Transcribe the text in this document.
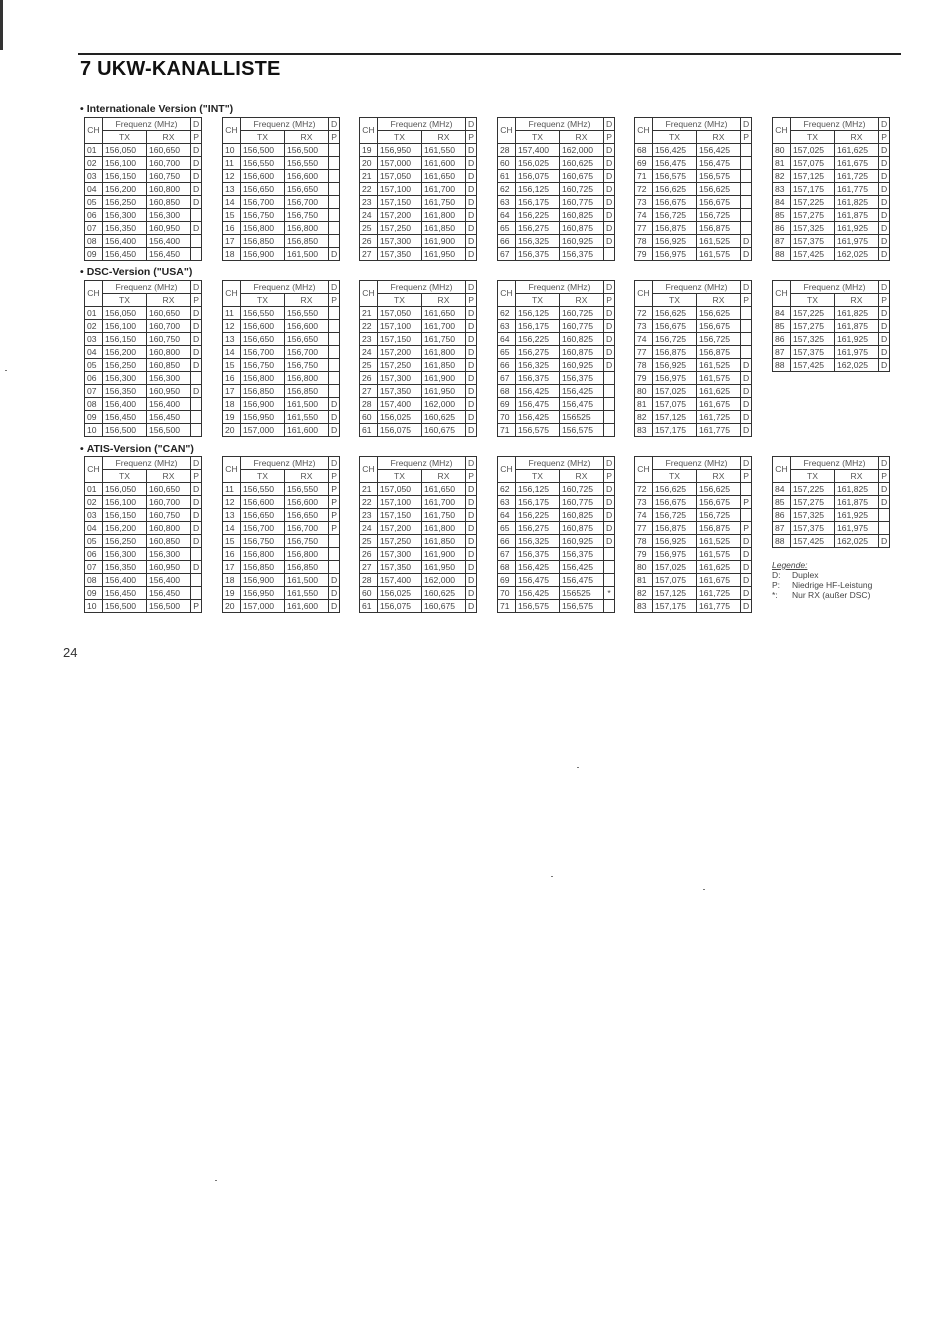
7 UKW-KANALLISTE
• Internationale Version ("INT")
• DSC-Version ("USA")
• ATIS-Version ("CAN")
CH	Frequenz (MHz)		D
	TX	RX	P
01	156,050	160,650	D
02	156,100	160,700	D
03	156,150	160,750	D
04	156,200	160,800	D
05	156,250	160,850	D
06	156,300	156,300	
07	156,350	160,950	D
08	156,400	156,400	
09	156,450	156,450	
CH	Frequenz (MHz)		D
	TX	RX	P
10	156,500	156,500	
11	156,550	156,550	
12	156,600	156,600	
13	156,650	156,650	
14	156,700	156,700	
15	156,750	156,750	
16	156,800	156,800	
17	156,850	156,850	
18	156,900	161,500	D
CH	Frequenz (MHz)		D
	TX	RX	P
19	156,950	161,550	D
20	157,000	161,600	D
21	157,050	161,650	D
22	157,100	161,700	D
23	157,150	161,750	D
24	157,200	161,800	D
25	157,250	161,850	D
26	157,300	161,900	D
27	157,350	161,950	D
CH	Frequenz (MHz)		D
	TX	RX	P
28	157,400	162,000	D
60	156,025	160,625	D
61	156,075	160,675	D
62	156,125	160,725	D
63	156,175	160,775	D
64	156,225	160,825	D
65	156,275	160,875	D
66	156,325	160,925	D
67	156,375	156,375	
CH	Frequenz (MHz)		D
	TX	RX	P
68	156,425	156,425	
69	156,475	156,475	
71	156,575	156,575	
72	156,625	156,625	
73	156,675	156,675	
74	156,725	156,725	
77	156,875	156,875	
78	156,925	161,525	D
79	156,975	161,575	D
CH	Frequenz (MHz)		D
	TX	RX	P
80	157,025	161,625	D
81	157,075	161,675	D
82	157,125	161,725	D
83	157,175	161,775	D
84	157,225	161,825	D
85	157,275	161,875	D
86	157,325	161,925	D
87	157,375	161,975	D
88	157,425	162,025	D
CH	Frequenz (MHz)		D
	TX	RX	P
01	156,050	160,650	D
02	156,100	160,700	D
03	156,150	160,750	D
04	156,200	160,800	D
05	156,250	160,850	D
06	156,300	156,300	
07	156,350	160,950	D
08	156,400	156,400	
09	156,450	156,450	
10	156,500	156,500	
CH	Frequenz (MHz)		D
	TX	RX	P
11	156,550	156,550	
12	156,600	156,600	
13	156,650	156,650	
14	156,700	156,700	
15	156,750	156,750	
16	156,800	156,800	
17	156,850	156,850	
18	156,900	161,500	D
19	156,950	161,550	D
20	157,000	161,600	D
CH	Frequenz (MHz)		D
	TX	RX	P
21	157,050	161,650	D
22	157,100	161,700	D
23	157,150	161,750	D
24	157,200	161,800	D
25	157,250	161,850	D
26	157,300	161,900	D
27	157,350	161,950	D
28	157,400	162,000	D
60	156,025	160,625	D
61	156,075	160,675	D
CH	Frequenz (MHz)		D
	TX	RX	P
62	156,125	160,725	D
63	156,175	160,775	D
64	156,225	160,825	D
65	156,275	160,875	D
66	156,325	160,925	D
67	156,375	156,375	
68	156,425	156,425	
69	156,475	156,475	
70	156,425	156525	
71	156,575	156,575	
CH	Frequenz (MHz)		D
	TX	RX	P
72	156,625	156,625	
73	156,675	156,675	
74	156,725	156,725	
77	156,875	156,875	
78	156,925	161,525	D
79	156,975	161,575	D
80	157,025	161,625	D
81	157,075	161,675	D
82	157,125	161,725	D
83	157,175	161,775	D
CH	Frequenz (MHz)		D
	TX	RX	P
84	157,225	161,825	D
85	157,275	161,875	D
86	157,325	161,925	D
87	157,375	161,975	D
88	157,425	162,025	D
CH	Frequenz (MHz)		D
	TX	RX	P
01	156,050	160,650	D
02	156,100	160,700	D
03	156,150	160,750	D
04	156,200	160,800	D
05	156,250	160,850	D
06	156,300	156,300	
07	156,350	160,950	D
08	156,400	156,400	
09	156,450	156,450	
10	156,500	156,500	P
CH	Frequenz (MHz)		D
	TX	RX	P
11	156,550	156,550	P
12	156,600	156,600	P
13	156,650	156,650	P
14	156,700	156,700	P
15	156,750	156,750	
16	156,800	156,800	
17	156,850	156,850	
18	156,900	161,500	D
19	156,950	161,550	D
20	157,000	161,600	D
CH	Frequenz (MHz)		D
	TX	RX	P
21	157,050	161,650	D
22	157,100	161,700	D
23	157,150	161,750	D
24	157,200	161,800	D
25	157,250	161,850	D
26	157,300	161,900	D
27	157,350	161,950	D
28	157,400	162,000	D
60	156,025	160,625	D
61	156,075	160,675	D
CH	Frequenz (MHz)		D
	TX	RX	P
62	156,125	160,725	D
63	156,175	160,775	D
64	156,225	160,825	D
65	156,275	160,875	D
66	156,325	160,925	D
67	156,375	156,375	
68	156,425	156,425	
69	156,475	156,475	
70	156,425	156525	*
71	156,575	156,575	
CH	Frequenz (MHz)		D
	TX	RX	P
72	156,625	156,625	
73	156,675	156,675	P
74	156,725	156,725	
77	156,875	156,875	P
78	156,925	161,525	D
79	156,975	161,575	D
80	157,025	161,625	D
81	157,075	161,675	D
82	157,125	161,725	D
83	157,175	161,775	D
CH	Frequenz (MHz)		D
	TX	RX	P
84	157,225	161,825	D
85	157,275	161,875	D
86	157,325	161,925	
87	157,375	161,975	
88	157,425	162,025	D
Legende:
D:	Duplex
P:	Niedrige HF-Leistung
*:	Nur RX (außer DSC)
24
